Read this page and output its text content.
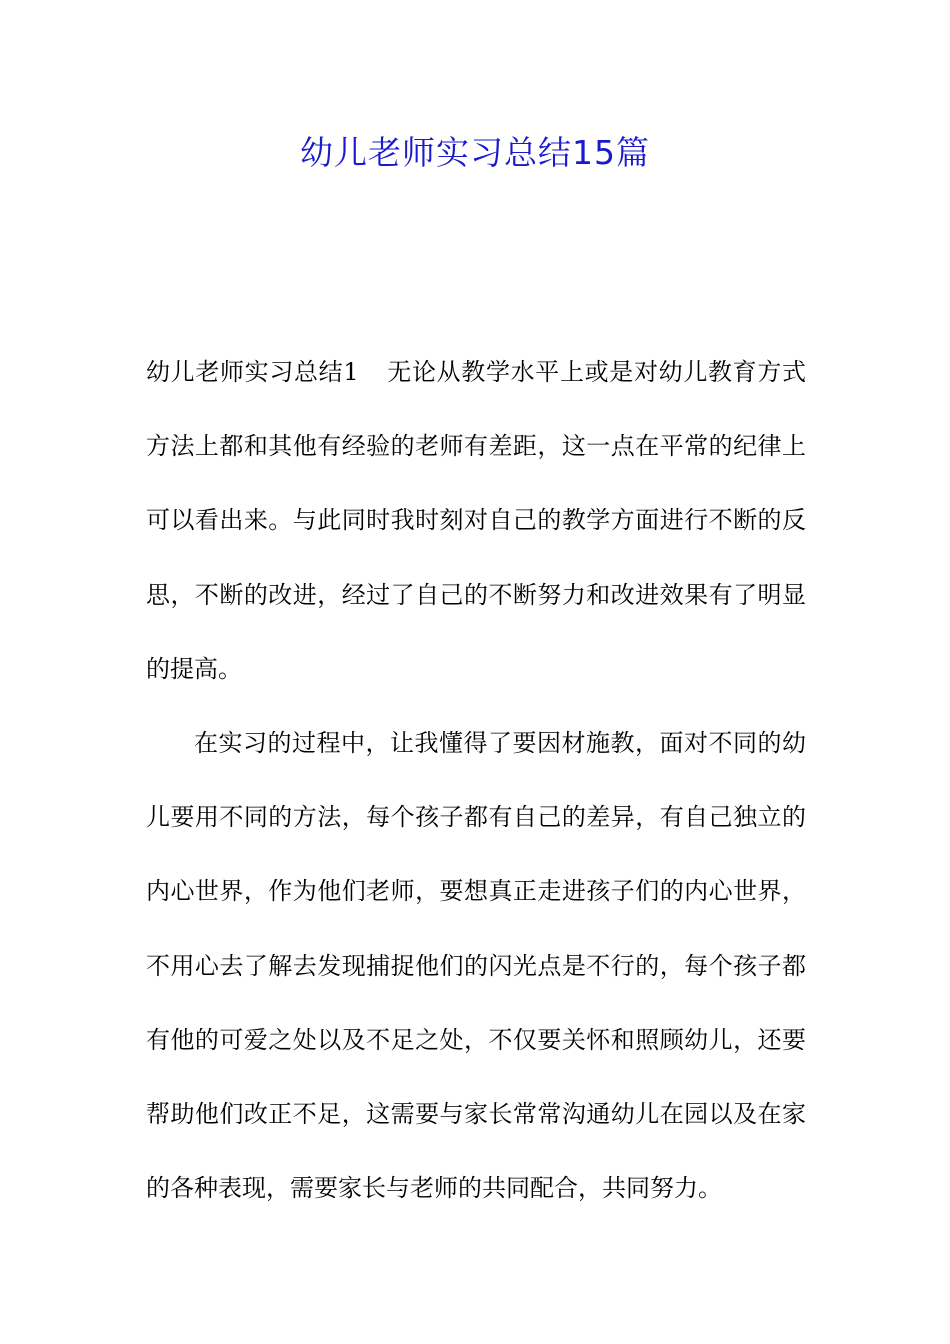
幼儿老师实习总结15篇

幼儿老师实习总结1 无论从教学水平上或是对幼儿教育方式方法上都和其他有经验的老师有差距，这一点在平常的纪律上可以看出来。与此同时我时刻对自己的教学方面进行不断的反思，不断的改进，经过了自己的不断努力和改进效果有了明显的提高。

在实习的过程中，让我懂得了要因材施教，面对不同的幼儿要用不同的方法，每个孩子都有自己的差异，有自己独立的内心世界，作为他们老师，要想真正走进孩子们的内心世界，不用心去了解去发现捕捉他们的闪光点是不行的，每个孩子都有他的可爱之处以及不足之处，不仅要关怀和照顾幼儿，还要帮助他们改正不足，这需要与家长常常沟通幼儿在园以及在家的各种表现，需要家长与老师的共同配合，共同努力。
